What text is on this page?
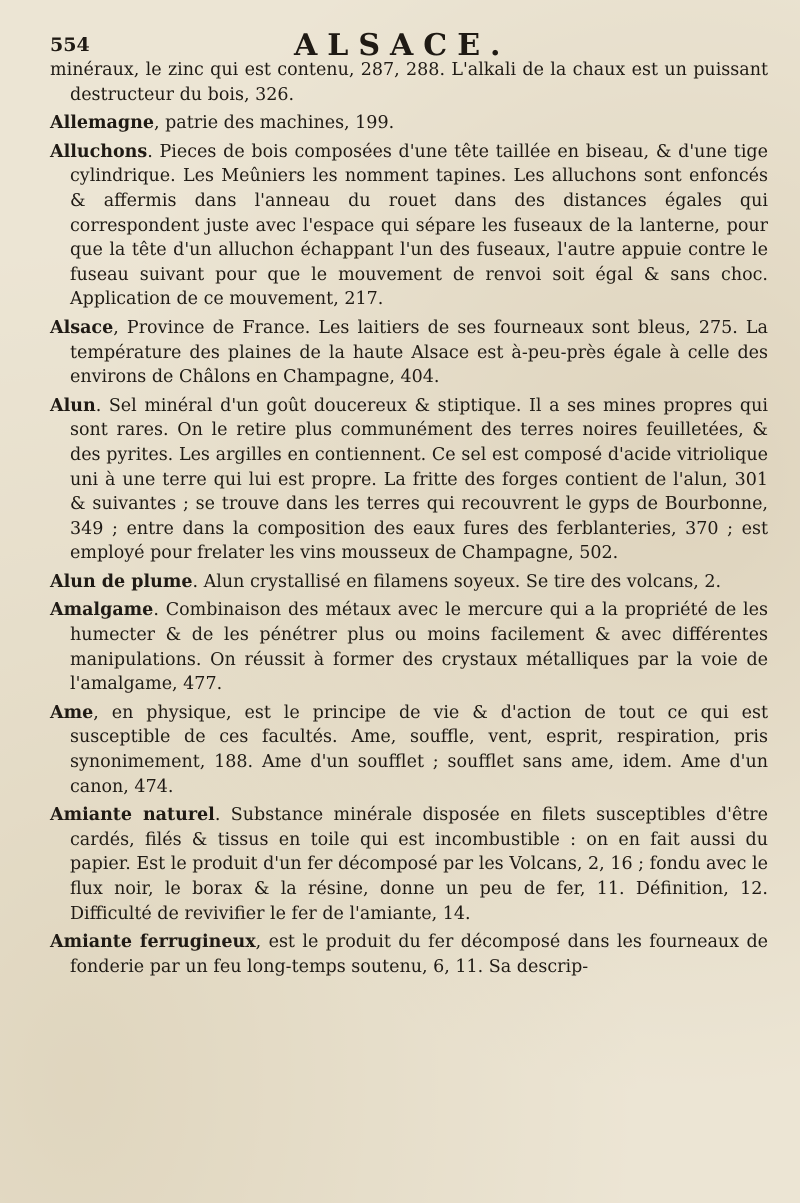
554	ALSACE.

minéraux, le zinc qui est contenu, 287, 288. L'alkali de la chaux est un puissant destructeur du bois, 326.

Allemagne, patrie des machines, 199.

Alluchons. Pieces de bois composées d'une tête taillée en biseau, & d'une tige cylindrique. Les Meûniers les nomment tapines. Les alluchons sont enfoncés & affermis dans l'anneau du rouet dans des distances égales qui correspondent juste avec l'espace qui sépare les fuseaux de la lanterne, pour que la tête d'un alluchon échappant l'un des fuseaux, l'autre appuie contre le fuseau suivant pour que le mouvement de renvoi soit égal & sans choc. Application de ce mouvement, 217.

Alsace, Province de France. Les laitiers de ses fourneaux sont bleus, 275. La température des plaines de la haute Alsace est à-peu-près égale à celle des environs de Châlons en Champagne, 404.

Alun. Sel minéral d'un goût doucereux & stiptique. Il a ses mines propres qui sont rares. On le retire plus communément des terres noires feuilletées, & des pyrites. Les argilles en contiennent. Ce sel est composé d'acide vitriolique uni à une terre qui lui est propre. La fritte des forges contient de l'alun, 301 & suivantes ; se trouve dans les terres qui recouvrent le gyps de Bourbonne, 349 ; entre dans la composition des eaux fures des ferblanteries, 370 ; est employé pour frelater les vins mousseux de Champagne, 502.

Alun de plume. Alun crystallisé en filamens soyeux. Se tire des volcans, 2.

Amalgame. Combinaison des métaux avec le mercure qui a la propriété de les humecter & de les pénétrer plus ou moins facilement & avec différentes manipulations. On réussit à former des crystaux métalliques par la voie de l'amalgame, 477.

Ame, en physique, est le principe de vie & d'action de tout ce qui est susceptible de ces facultés. Ame, souffle, vent, esprit, respiration, pris synonimement, 188. Ame d'un soufflet ; soufflet sans ame, idem. Ame d'un canon, 474.

Amiante naturel. Substance minérale disposée en filets susceptibles d'être cardés, filés & tissus en toile qui est incombustible : on en fait aussi du papier. Est le produit d'un fer décomposé par les Volcans, 2, 16 ; fondu avec le flux noir, le borax & la résine, donne un peu de fer, 11. Définition, 12. Difficulté de revivifier le fer de l'amiante, 14.

Amiante ferrugineux, est le produit du fer décomposé dans les fourneaux de fonderie par un feu long-temps soutenu, 6, 11. Sa descrip-
